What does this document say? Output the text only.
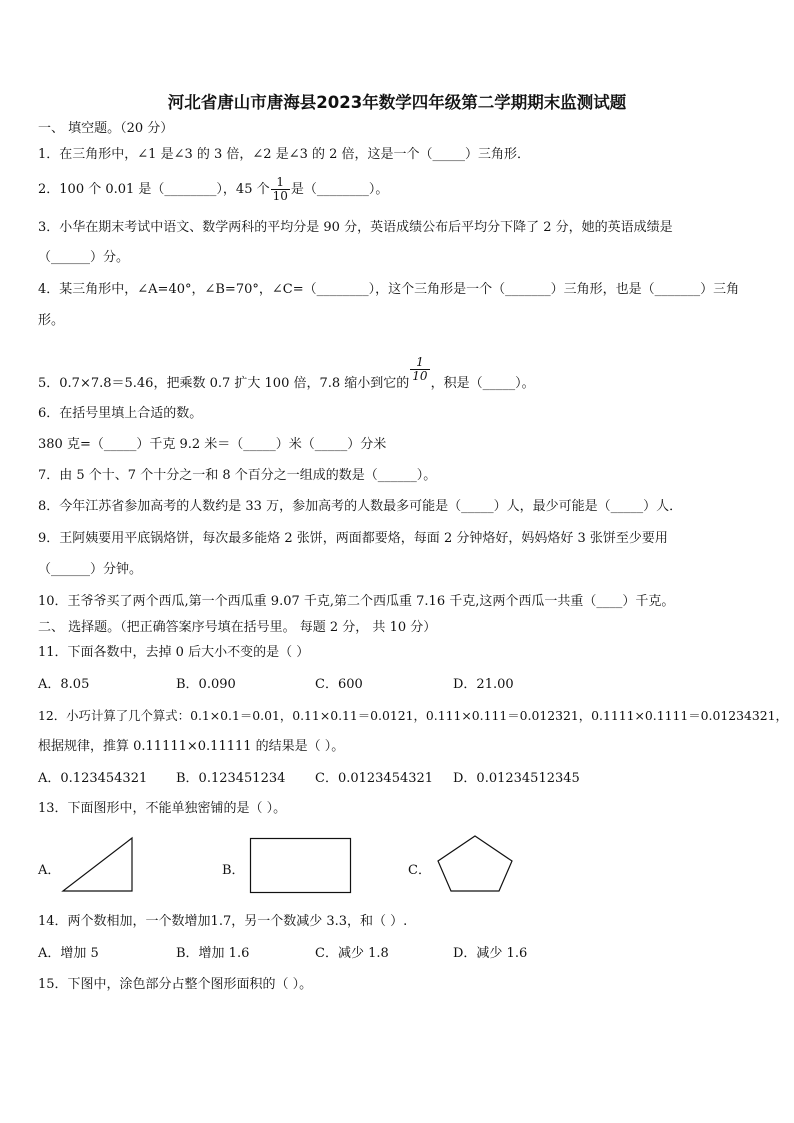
河北省唐山市唐海县2023年数学四年级第二学期期末监测试题
一、 填空题。（20 分）
1．在三角形中，∠1 是∠3 的 3 倍，∠2 是∠3 的 2 倍，这是一个（_____）三角形．
2．100 个 0.01 是（________），45 个 $\frac{1}{10}$ 是（________）。
3．小华在期末考试中语文、数学两科的平均分是 90 分，英语成绩公布后平均分下降了 2 分，她的英语成绩是
（______）分。
4．某三角形中，∠A=40°，∠B=70°，∠C=（________），这个三角形是一个（_______）三角形，也是（_______）三角
形。
5．0.7×7.8＝5.46，把乘数 0.7 扩大 100 倍，7.8 缩小到它的
$\frac{1}{10}$
，积是（_____）。
6．在括号里填上合适的数。
380 克=（_____）千克 9.2 米＝（_____）米（_____）分米
7．由 5 个十、7 个十分之一和 8 个百分之一组成的数是（______）。
8．今年江苏省参加高考的人数约是 33 万，参加高考的人数最多可能是（_____）人，最少可能是（_____）人．
9．王阿姨要用平底锅烙饼，每次最多能烙 2 张饼，两面都要烙，每面 2 分钟烙好，妈妈烙好 3 张饼至少要用
（______）分钟。
10．王爷爷买了两个西瓜,第一个西瓜重 9.07 千克,第二个西瓜重 7.16 千克,这两个西瓜一共重（____）千克。
二、 选择题。（把正确答案序号填在括号里。 每题 2 分， 共 10 分）
11．下面各数中，去掉 0 后大小不变的是（ ）
A．8.05	B．0.090	C．600	D．21.00
12．小巧计算了几个算式：0.1×0.1＝0.01，0.11×0.11＝0.0121，0.111×0.111＝0.012321，0.1111×0.1111＝0.01234321，
根据规律，推算 0.11111×0.11111 的结果是（ ）。
A．0.123454321 B．0.123451234 C．0.0123454321 D．0.01234512345
13．下面图形中，不能单独密铺的是（ ）。
A．	B．	C．
14．两个数相加，一个数增加1.7，另一个数减少 3.3，和（ ）.
A．增加 5	B．增加 1.6	C．减少 1.8	D．减少 1.6
15．下图中，涂色部分占整个图形面积的（ ）。
